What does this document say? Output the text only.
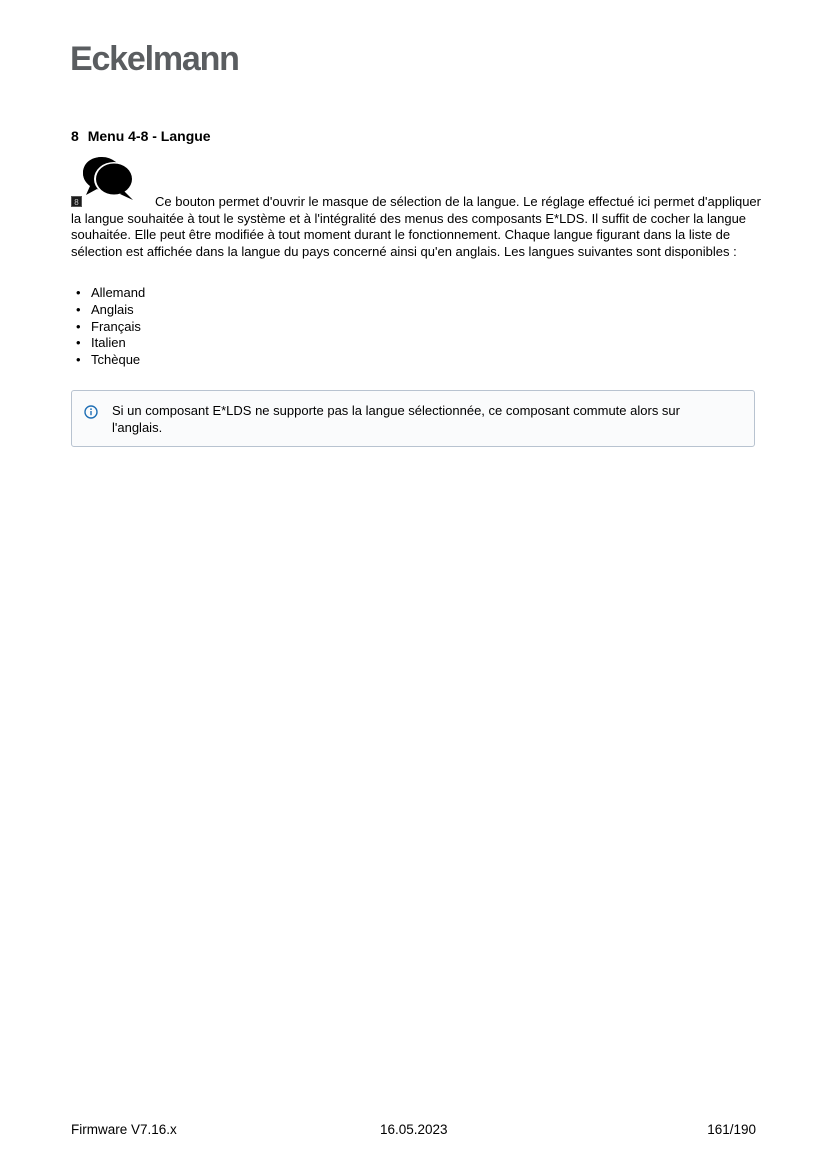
Eckelmann
8 Menu 4-8 - Langue
8	Ce bouton permet d'ouvrir le masque de sélection de la langue. Le réglage effectué ici permet d'appliquer la langue souhaitée à tout le système et à l'intégralité des menus des composants E*LDS. Il suffit de cocher la langue souhaitée. Elle peut être modifiée à tout moment durant le fonctionnement. Chaque langue figurant dans la liste de sélection est affichée dans la langue du pays concerné ainsi qu'en anglais. Les langues suivantes sont disponibles :
• Allemand
• Anglais
• Français
• Italien
• Tchèque
Si un composant E*LDS ne supporte pas la langue sélectionnée, ce composant commute alors sur l'anglais.
Firmware V7.16.x	16.05.2023	161/190
